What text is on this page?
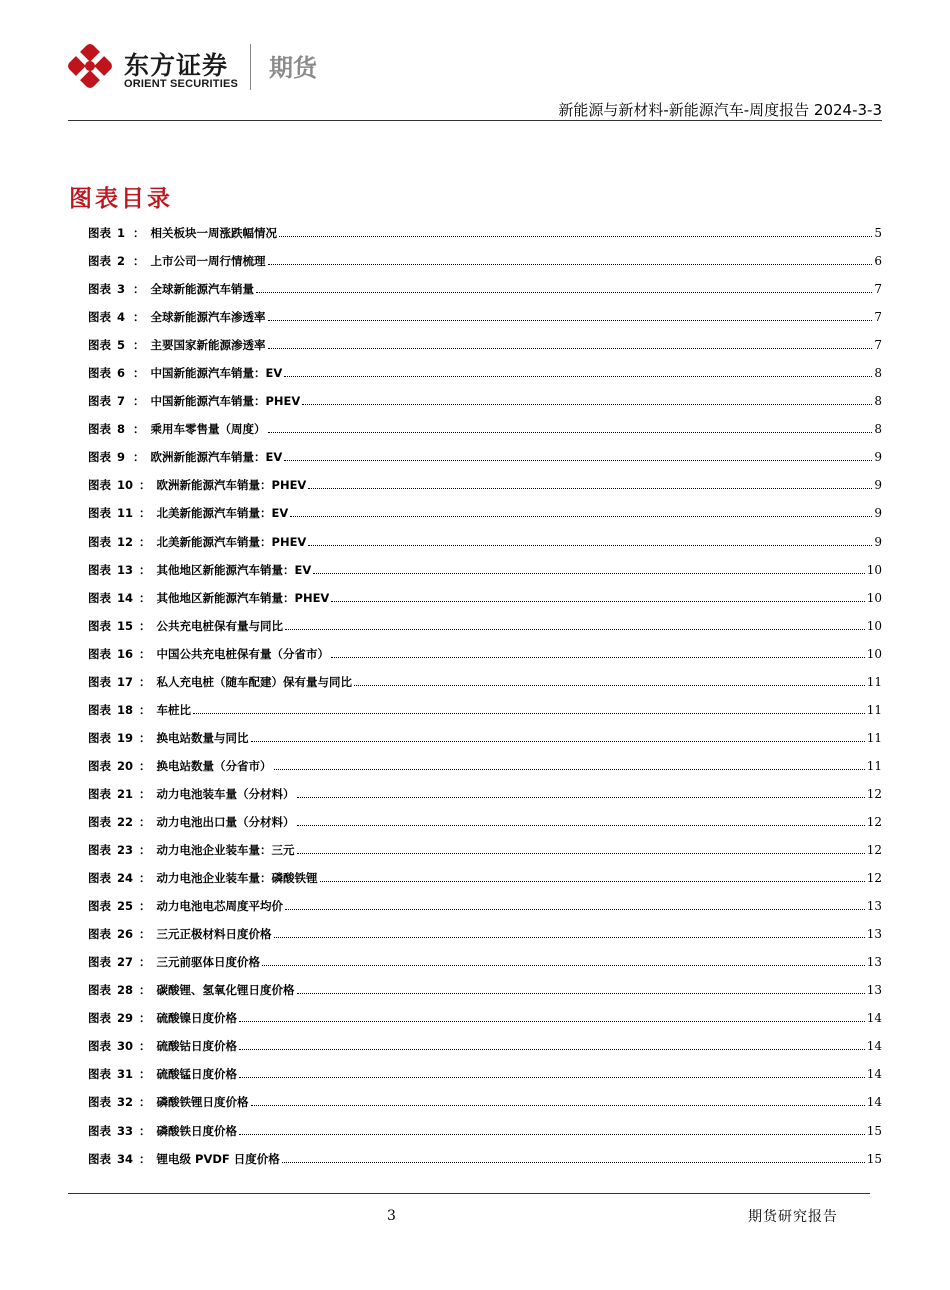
东方证券
ORIENT SECURITIES
期货
新能源与新材料-新能源汽车-周度报告 2024-3-3
图表目录
图表 1 ： 相关板块一周涨跌幅情况	5
图表 2 ： 上市公司一周行情梳理	6
图表 3 ： 全球新能源汽车销量	7
图表 4 ： 全球新能源汽车渗透率	7
图表 5 ： 主要国家新能源渗透率	7
图表 6 ： 中国新能源汽车销量：EV	8
图表 7 ： 中国新能源汽车销量：PHEV	8
图表 8 ： 乘用车零售量（周度）	8
图表 9 ： 欧洲新能源汽车销量：EV	9
图表 10 ： 欧洲新能源汽车销量：PHEV	9
图表 11 ： 北美新能源汽车销量：EV	9
图表 12 ： 北美新能源汽车销量：PHEV	9
图表 13 ： 其他地区新能源汽车销量：EV	10
图表 14 ： 其他地区新能源汽车销量：PHEV	10
图表 15 ： 公共充电桩保有量与同比	10
图表 16 ： 中国公共充电桩保有量（分省市）	10
图表 17 ： 私人充电桩（随车配建）保有量与同比	11
图表 18 ： 车桩比	11
图表 19 ： 换电站数量与同比	11
图表 20 ： 换电站数量（分省市）	11
图表 21 ： 动力电池装车量（分材料）	12
图表 22 ： 动力电池出口量（分材料）	12
图表 23 ： 动力电池企业装车量：三元	12
图表 24 ： 动力电池企业装车量：磷酸铁锂	12
图表 25 ： 动力电池电芯周度平均价	13
图表 26 ： 三元正极材料日度价格	13
图表 27 ： 三元前驱体日度价格	13
图表 28 ： 碳酸锂、氢氧化锂日度价格	13
图表 29 ： 硫酸镍日度价格	14
图表 30 ： 硫酸钴日度价格	14
图表 31 ： 硫酸锰日度价格	14
图表 32 ： 磷酸铁锂日度价格	14
图表 33 ： 磷酸铁日度价格	15
图表 34 ： 锂电级 PVDF 日度价格	15
3	期货研究报告
